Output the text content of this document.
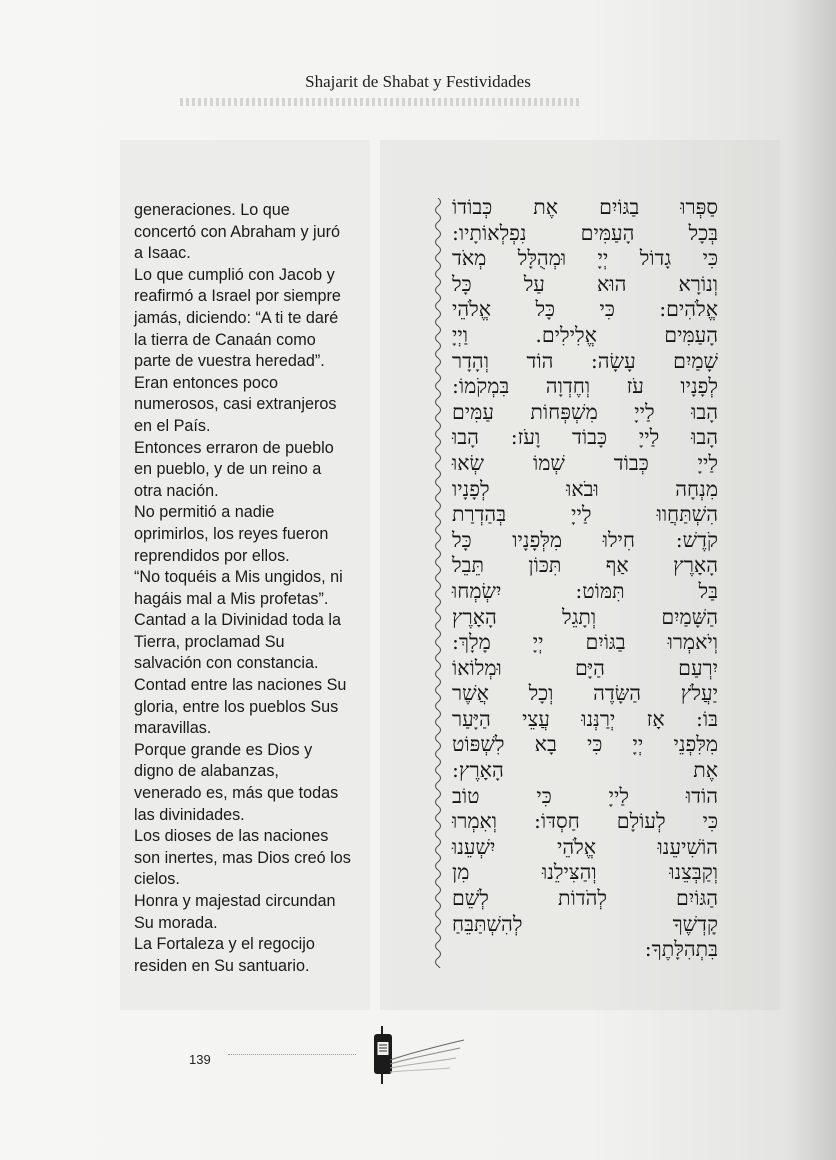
Shajarit de Shabat y Festividades
generaciones. Lo que
concertó con Abraham y juró
a Isaac.
Lo que cumplió con Jacob y
reafirmó a Israel por siempre
jamás, diciendo: “A ti te daré
la tierra de Canaán como
parte de vuestra heredad”.
Eran entonces poco
numerosos, casi extranjeros
en el País.
Entonces erraron de pueblo
en pueblo, y de un reino a
otra nación.
No permitió a nadie
oprimirlos, los reyes fueron
reprendidos por ellos.
“No toquéis a Mis ungidos, ni
hagáis mal a Mis profetas”.
Cantad a la Divinidad toda la
Tierra, proclamad Su
salvación con constancia.
Contad entre las naciones Su
gloria, entre los pueblos Sus
maravillas.
Porque grande es Dios y
digno de alabanzas,
venerado es, más que todas
las divinidades.
Los dioses de las naciones
son inertes, mas Dios creó los
cielos.
Honra y majestad circundan
Su morada.
La Fortaleza y el regocijo
residen en Su santuario.
סַפְּרוּ בַגּוֹיִם אֶת כְּבוֹדוֹ
בְּכָל הָעַמִּים נִפְלְאוֹתָיו:
כִּי גָדוֹל יְיָ וּמְהֻלָּל מְאֹד
וְנוֹרָא הוּא עַל כָּל
אֱלֹהִים: כִּי כָּל אֱלֹהֵי
הָעַמִּים אֱלִילִים. וַיְיָ
שָׁמַיִם עָשָׂה: הוֹד וְהָדָר
לְפָנָיו עֹז וְחֶדְוָה בִּמְקֹמוֹ:
הָבוּ לַייָ מִשְׁפְּחוֹת עַמִּים
הָבוּ לַייָ כָּבוֹד וָעֹז: הָבוּ
לַייָ כְּבוֹד שְׁמוֹ שְׂאוּ
מִנְחָה וּבֹאוּ לְפָנָיו
הִשְׁתַּחֲווּ לַייָ בְּהַדְרַת
קֹדֶשׁ: חִילוּ מִלְּפָנָיו כָּל
הָאָרֶץ אַף תִּכּוֹן תֵּבֵל
בַּל תִּמּוֹט: יִשְׂמְחוּ
הַשָּׁמַיִם וְתָגֵל הָאָרֶץ
וְיֹאמְרוּ בַגּוֹיִם יְיָ מָלָךְ:
יִרְעַם הַיָּם וּמְלוֹאוֹ
יַעֲלֹץ הַשָּׂדֶה וְכָל אֲשֶׁר
בּוֹ: אָז יְרַנְּנוּ עֲצֵי הַיָּעַר
מִלִּפְנֵי יְיָ כִּי בָא לִשְׁפּוֹט
אֶת הָאָרֶץ:
הוֹדוּ לַייָ כִּי טוֹב
כִּי לְעוֹלָם חַסְדּוֹ: וְאִמְרוּ
הוֹשִׁיעֵנוּ אֱלֹהֵי יִשְׁעֵנוּ
וְקַבְּצֵנוּ וְהַצִּילֵנוּ מִן
הַגּוֹיִם לְהֹדוֹת לְשֵׁם
קָדְשֶׁךָ לְהִשְׁתַּבֵּחַ
בִּתְהִלָּתֶךָ:
139
